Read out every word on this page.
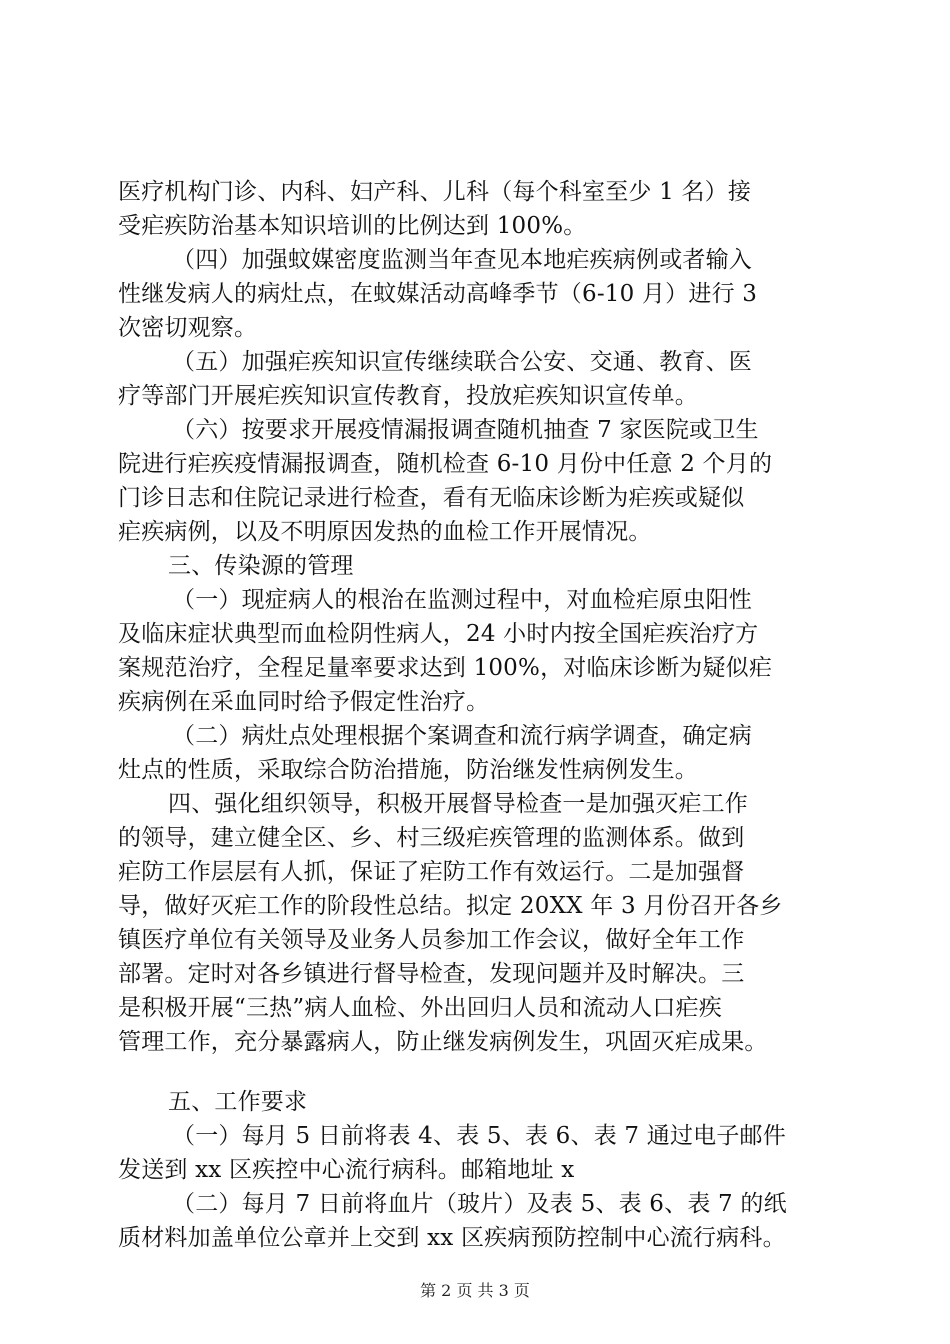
医疗机构门诊、内科、妇产科、儿科（每个科室至少 1 名）接
受疟疾防治基本知识培训的比例达到 100%。
（四）加强蚊媒密度监测当年查见本地疟疾病例或者输入
性继发病人的病灶点，在蚊媒活动高峰季节（6-10 月）进行 3
次密切观察。
（五）加强疟疾知识宣传继续联合公安、交通、教育、医
疗等部门开展疟疾知识宣传教育，投放疟疾知识宣传单。
（六）按要求开展疫情漏报调查随机抽查 7 家医院或卫生
院进行疟疾疫情漏报调查，随机检查 6-10 月份中任意 2 个月的
门诊日志和住院记录进行检查，看有无临床诊断为疟疾或疑似
疟疾病例，以及不明原因发热的血检工作开展情况。
三、传染源的管理
（一）现症病人的根治在监测过程中，对血检疟原虫阳性
及临床症状典型而血检阴性病人，24 小时内按全国疟疾治疗方
案规范治疗，全程足量率要求达到 100%，对临床诊断为疑似疟
疾病例在采血同时给予假定性治疗。
（二）病灶点处理根据个案调查和流行病学调查，确定病
灶点的性质，采取综合防治措施，防治继发性病例发生。
四、强化组织领导，积极开展督导检查一是加强灭疟工作
的领导，建立健全区、乡、村三级疟疾管理的监测体系。做到
疟防工作层层有人抓，保证了疟防工作有效运行。二是加强督
导，做好灭疟工作的阶段性总结。拟定 20XX 年 3 月份召开各乡
镇医疗单位有关领导及业务人员参加工作会议，做好全年工作
部署。定时对各乡镇进行督导检查，发现问题并及时解决。三
是积极开展“三热”病人血检、外出回归人员和流动人口疟疾
管理工作，充分暴露病人，防止继发病例发生，巩固灭疟成果。
五、工作要求
（一）每月 5 日前将表 4、表 5、表 6、表 7 通过电子邮件
发送到 xx 区疾控中心流行病科。邮箱地址 x
（二）每月 7 日前将血片（玻片）及表 5、表 6、表 7 的纸
质材料加盖单位公章并上交到 xx 区疾病预防控制中心流行病科。
第 2 页 共 3 页
